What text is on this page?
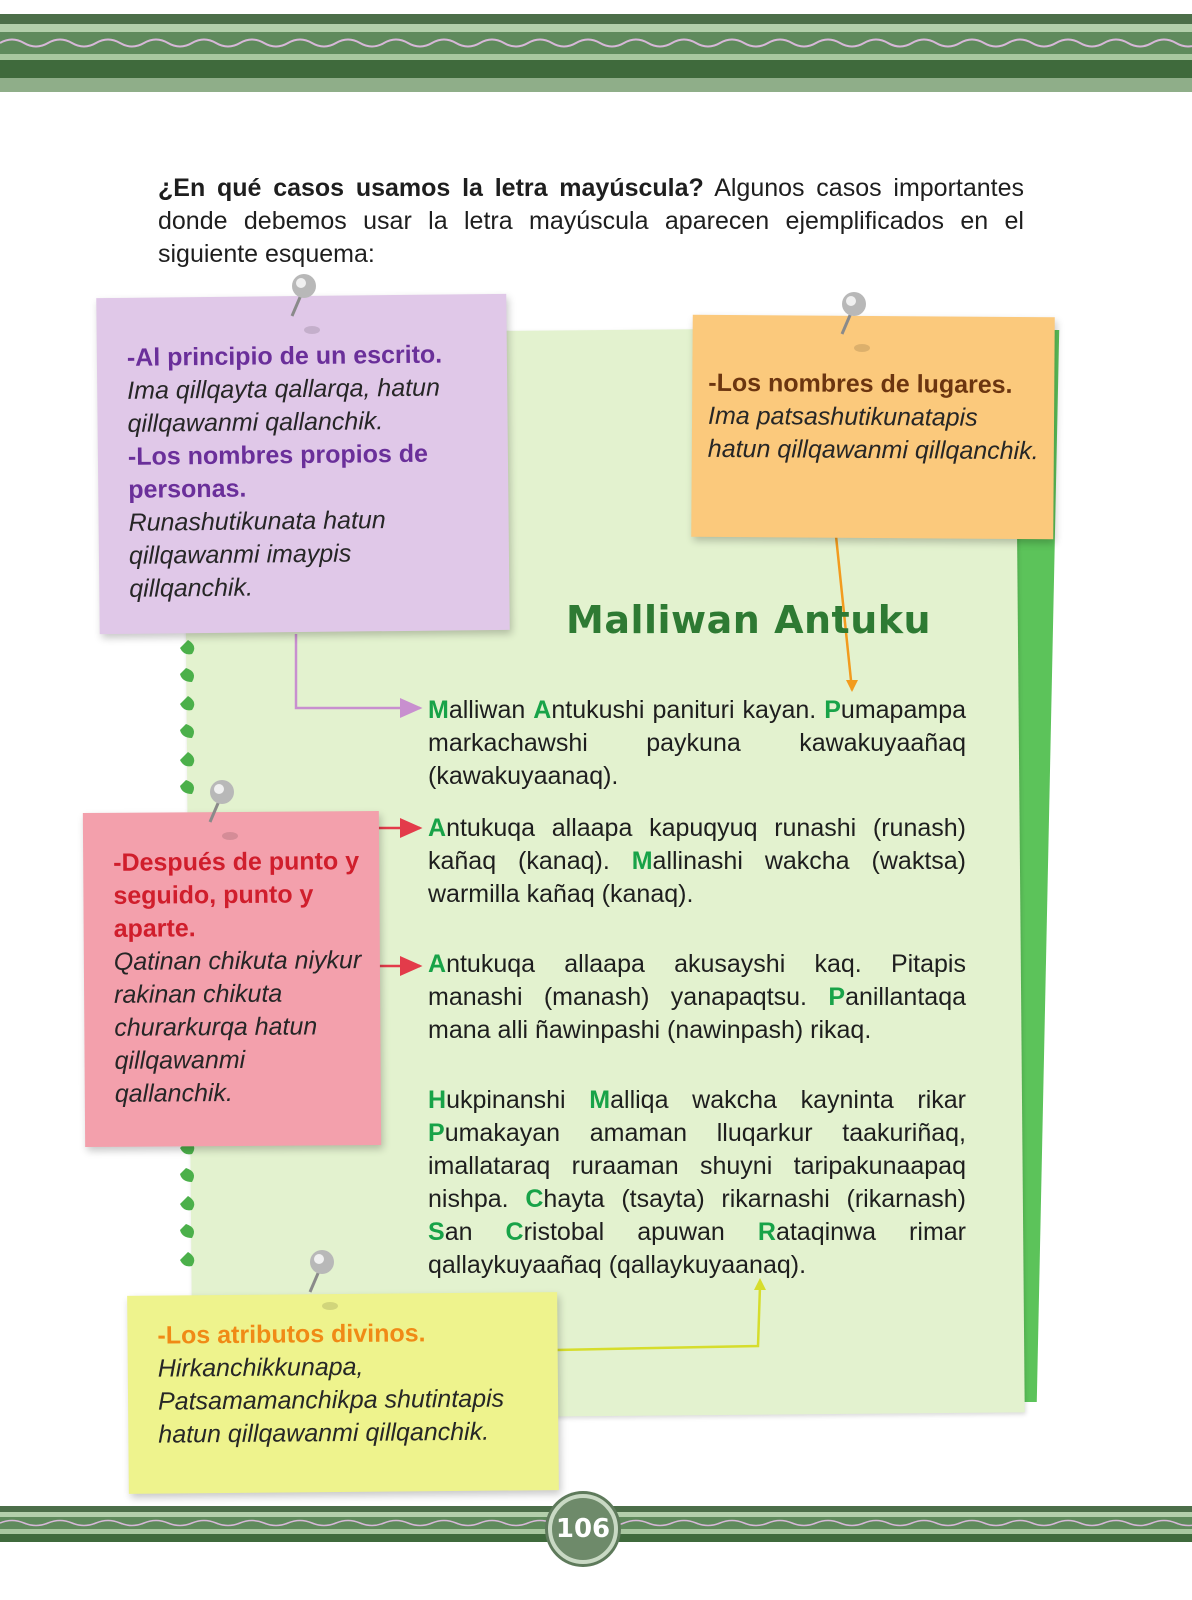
¿En qué casos usamos la letra mayúscula? Algunos casos importantes donde debemos usar la letra mayúscula aparecen ejemplificados en el siguiente esquema:
Malliwan Antuku
Malliwan Antukushi panituri kayan. Pumapampa markachawshi paykuna kawakuyaañaq (kawakuyaanaq).
Antukuqa allaapa kapuqyuq runashi (runash) kañaq (kanaq). Mallinashi wakcha (waktsa) warmilla kañaq (kanaq).
Antukuqa allaapa akusayshi kaq. Pitapis manashi (manash) yanapaqtsu. Panillantaqa mana alli ñawinpashi (nawinpash) rikaq.
Hukpinanshi Malliqa wakcha kayninta rikar Pumakayan amaman lluqarkur taakuriñaq, imallataraq ruraaman shuyni taripakunaapaq nishpa. Chayta (tsayta) rikarnashi (rikarnash) San Cristobal apuwan Rataqinwa rimar qallaykuyaañaq (qallaykuyaanaq).
-Al principio de un escrito.
Ima qillqayta qallarqa, hatun qillqawanmi qallanchik.
-Los nombres propios de personas.
Runashutikunata hatun qillqawanmi imaypis qillqanchik.
-Los nombres de lugares.
Ima patsashutikunatapis hatun qillqawanmi qillqanchik.
-Después de punto y seguido, punto y aparte.
Qatinan chikuta niykur rakinan chikuta churarkurqa hatun qillqawanmi qallanchik.
-Los atributos divinos.
Hirkanchikkunapa, Patsamamanchikpa shutintapis hatun qillqawanmi qillqanchik.
106
